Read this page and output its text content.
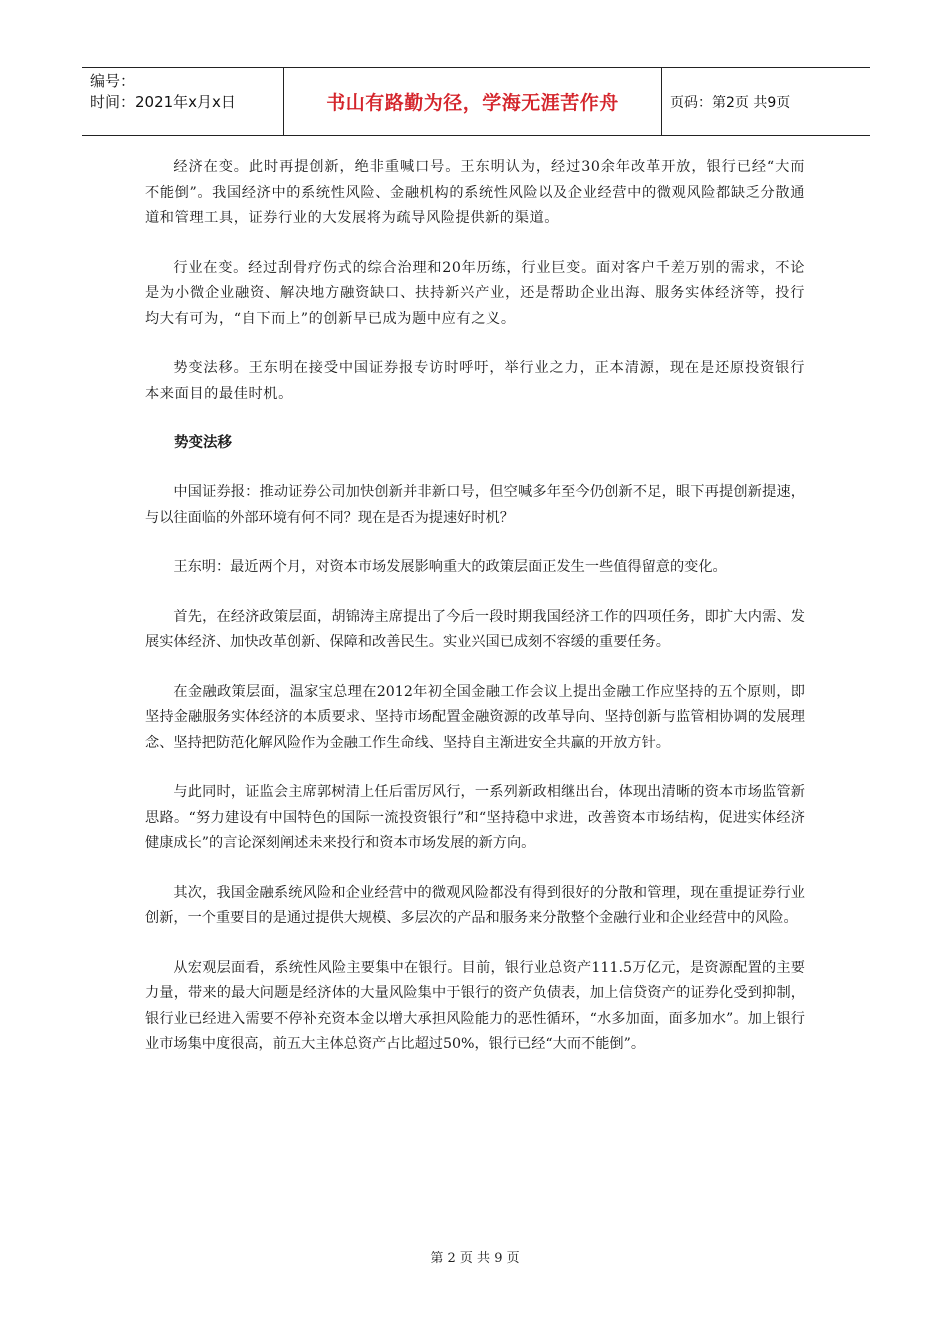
编号：
时间：2021年x月x日	书山有路勤为径，学海无涯苦作舟	页码：第2页 共9页

经济在变。此时再提创新，绝非重喊口号。王东明认为，经过30余年改革开放，银行已经“大而不能倒”。我国经济中的系统性风险、金融机构的系统性风险以及企业经营中的微观风险都缺乏分散通道和管理工具，证券行业的大发展将为疏导风险提供新的渠道。

行业在变。经过刮骨疗伤式的综合治理和20年历练，行业巨变。面对客户千差万别的需求，不论是为小微企业融资、解决地方融资缺口、扶持新兴产业，还是帮助企业出海、服务实体经济等，投行均大有可为，“自下而上”的创新早已成为题中应有之义。

势变法移。王东明在接受中国证券报专访时呼吁，举行业之力，正本清源，现在是还原投资银行本来面目的最佳时机。

势变法移

中国证券报：推动证券公司加快创新并非新口号，但空喊多年至今仍创新不足，眼下再提创新提速，与以往面临的外部环境有何不同？现在是否为提速好时机？

王东明：最近两个月，对资本市场发展影响重大的政策层面正发生一些值得留意的变化。

首先，在经济政策层面，胡锦涛主席提出了今后一段时期我国经济工作的四项任务，即扩大内需、发展实体经济、加快改革创新、保障和改善民生。实业兴国已成刻不容缓的重要任务。

在金融政策层面，温家宝总理在2012年初全国金融工作会议上提出金融工作应坚持的五个原则，即坚持金融服务实体经济的本质要求、坚持市场配置金融资源的改革导向、坚持创新与监管相协调的发展理念、坚持把防范化解风险作为金融工作生命线、坚持自主渐进安全共赢的开放方针。

与此同时，证监会主席郭树清上任后雷厉风行，一系列新政相继出台，体现出清晰的资本市场监管新思路。“努力建设有中国特色的国际一流投资银行”和“坚持稳中求进，改善资本市场结构，促进实体经济健康成长”的言论深刻阐述未来投行和资本市场发展的新方向。

其次，我国金融系统风险和企业经营中的微观风险都没有得到很好的分散和管理，现在重提证券行业创新，一个重要目的是通过提供大规模、多层次的产品和服务来分散整个金融行业和企业经营中的风险。

从宏观层面看，系统性风险主要集中在银行。目前，银行业总资产111.5万亿元，是资源配置的主要力量，带来的最大问题是经济体的大量风险集中于银行的资产负债表，加上信贷资产的证券化受到抑制，银行业已经进入需要不停补充资本金以增大承担风险能力的恶性循环，“水多加面，面多加水”。加上银行业市场集中度很高，前五大主体总资产占比超过50%，银行已经“大而不能倒”。

第 2 页 共 9 页
